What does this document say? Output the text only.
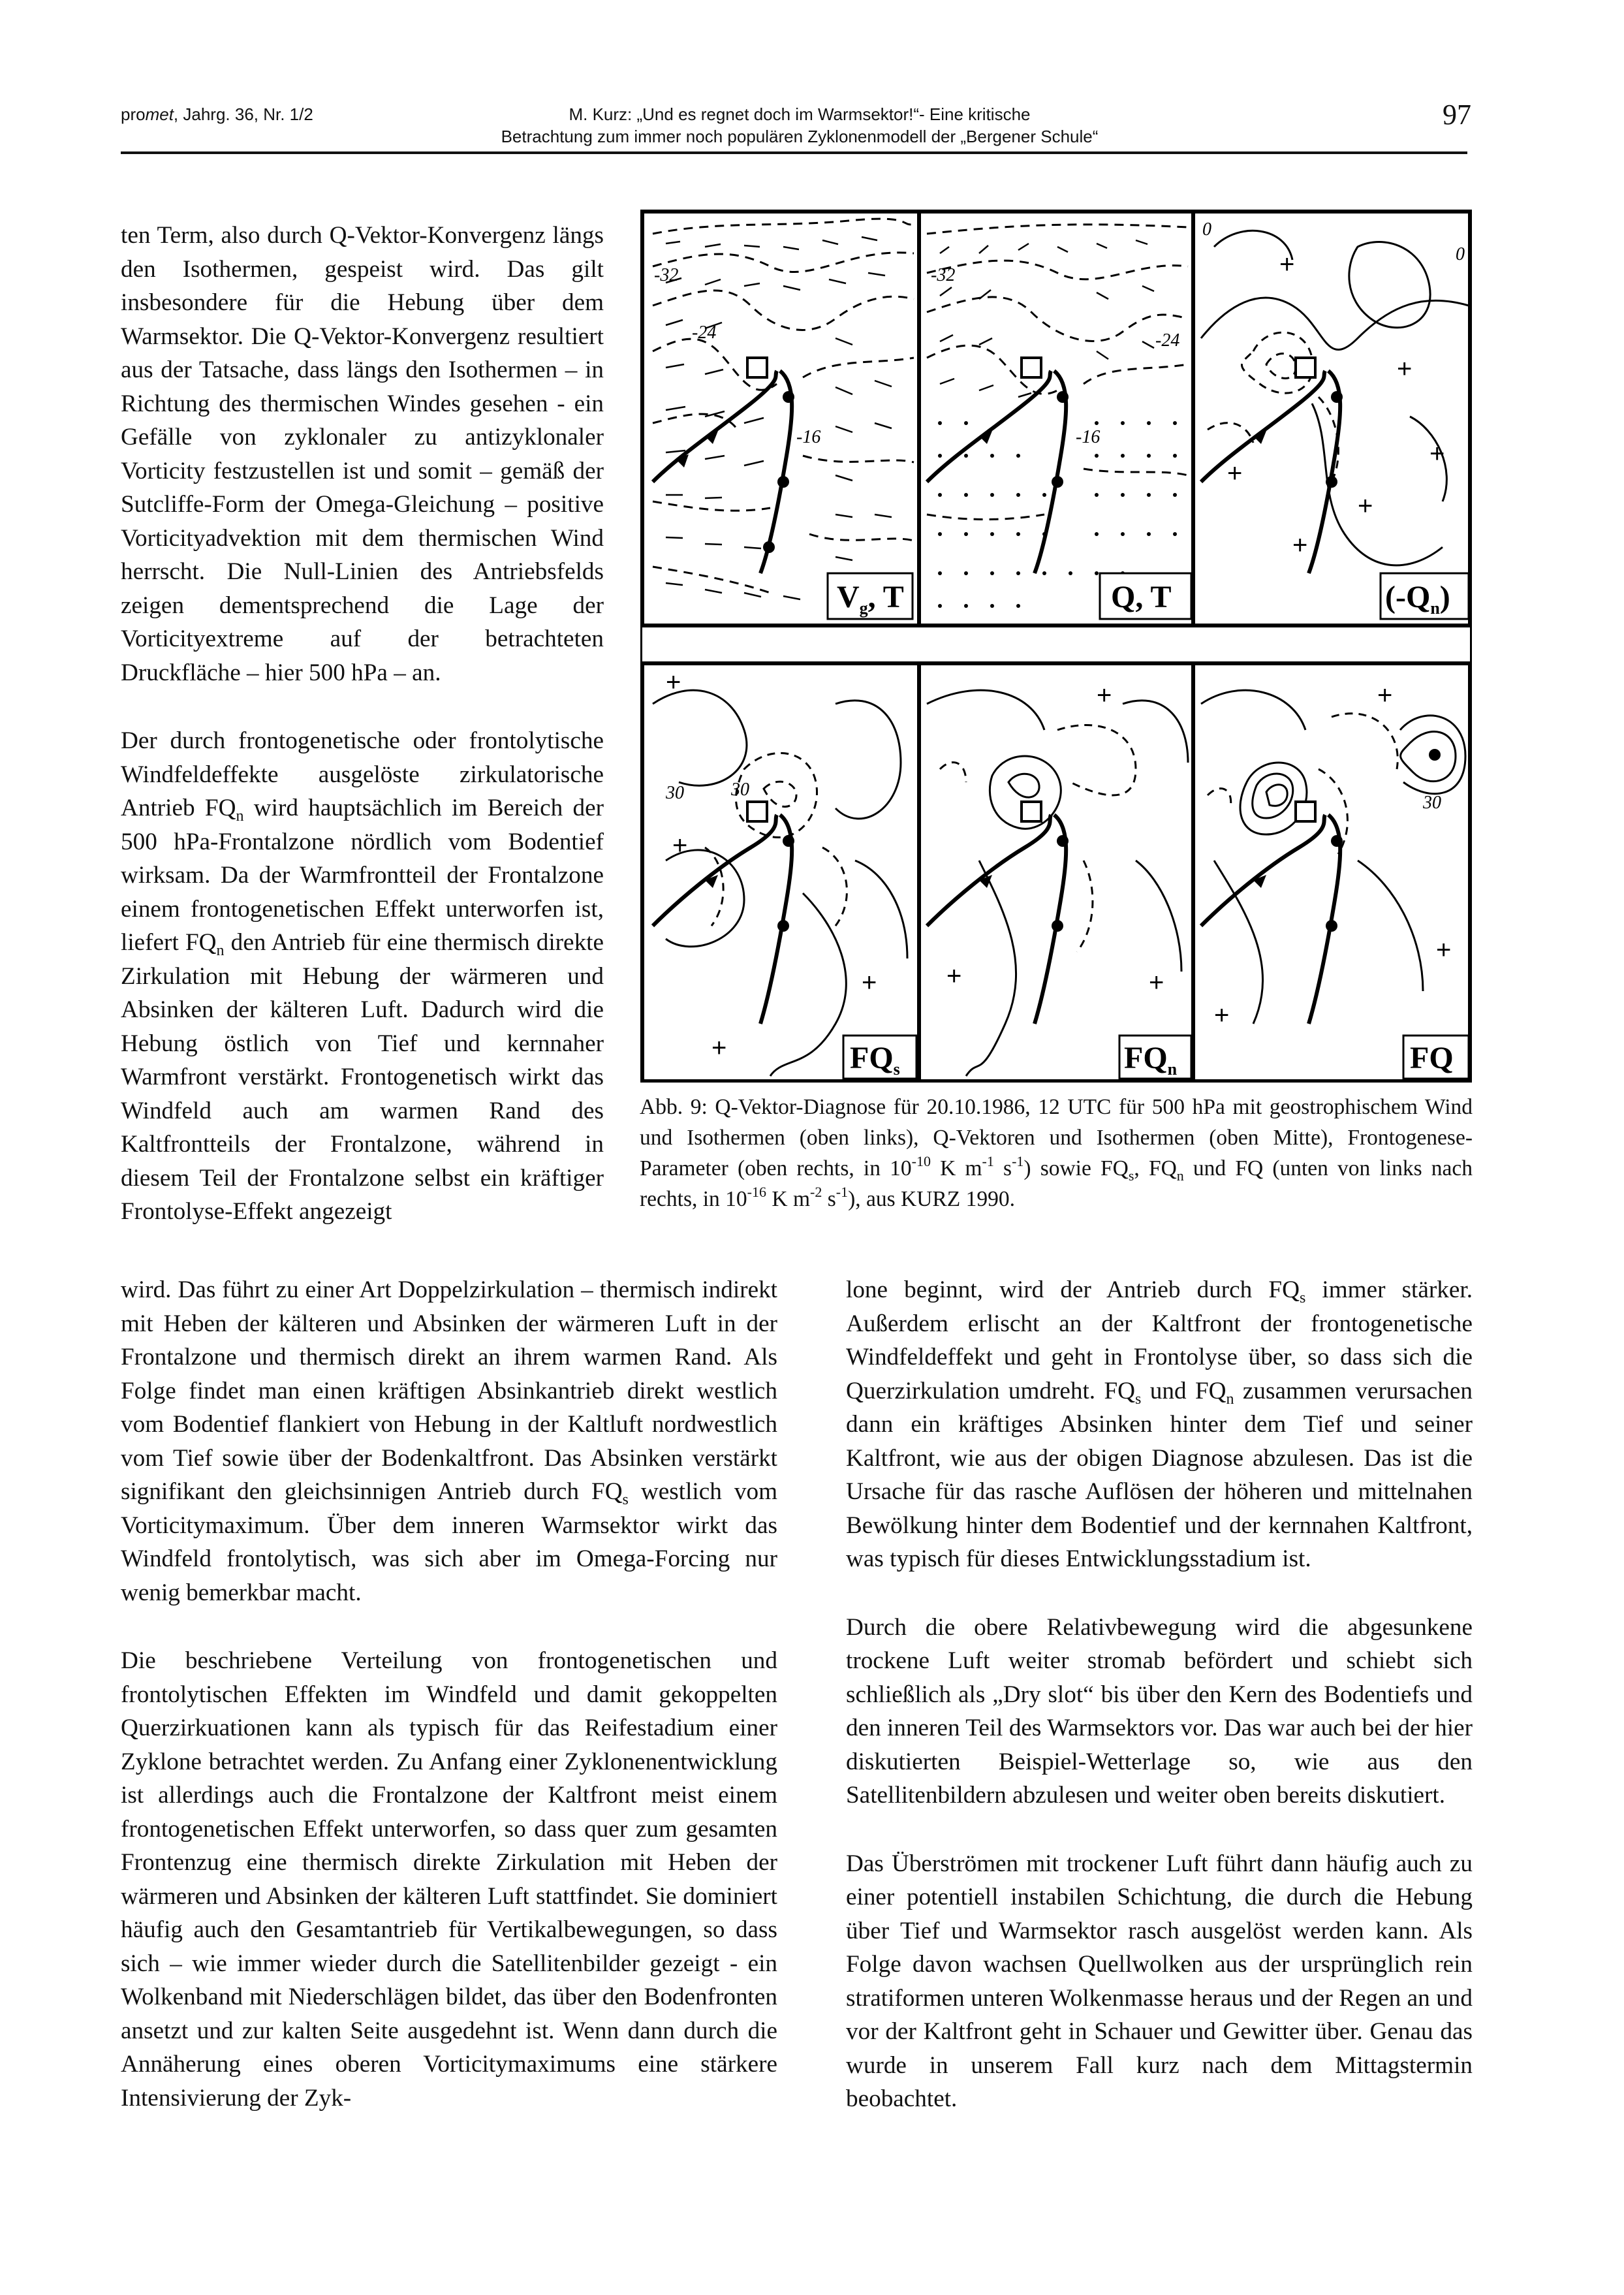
promet, Jahrg. 36, Nr. 1/2	M. Kurz: „Und es regnet doch im Warmsektor!“- Eine kritische
Betrachtung zum immer noch populären Zyklonenmodell der „Bergener Schule“
97

ten Term, also durch Q-Vektor-Konvergenz längs den Isothermen, gespeist wird. Das gilt insbesondere für die Hebung über dem Warmsektor. Die Q-Vektor-Konvergenz resultiert aus der Tatsache, dass längs den Isothermen – in Richtung des thermischen Windes gesehen - ein Gefälle von zyklonaler zu antizyklonaler Vorticity festzustellen ist und somit – gemäß der Sutcliffe-Form der Omega-Gleichung – positive Vorticityadvektion mit dem thermischen Wind herrscht. Die Null-Linien des Antriebsfelds zeigen dementsprechend die Lage der Vorticityextreme auf der betrachteten Druckfläche – hier 500 hPa – an.

Der durch frontogenetische oder frontolytische Windfeldeffekte ausgelöste zirkulatorische Antrieb $FQ_n$ wird hauptsächlich im Bereich der 500 hPa-Frontalzone nördlich vom Bodentief wirksam. Da der Warmfrontteil der Frontalzone einem frontogenetischen Effekt unterworfen ist, liefert $FQ_n$ den Antrieb für eine thermisch direkte Zirkulation mit Hebung der wärmeren und Absinken der kälteren Luft. Dadurch wird die Hebung östlich von Tief und kernnaher Warmfront verstärkt. Frontogenetisch wirkt das Windfeld auch am warmen Rand des Kaltfrontteils der Frontalzone, während in diesem Teil der Frontalzone selbst ein kräftiger Frontolyse-Effekt angezeigt

$V_g$, T	Q, T	$(-Q_n)$
$FQ_s$	$FQ_n$	FQ
-32
-24
-16
-32
-24
-16
0
0
30	30
30
+
+
+
+
+
+
+
+
+
+
+
+	+
+
+
+
Abb. 9: Q-Vektor-Diagnose für 20.10.1986, 12 UTC für 500 hPa mit geostrophischem Wind und Isothermen (oben links), Q-Vektoren und Isothermen (oben Mitte), Frontogenese-Parameter (oben rechts, in $10^{-10}$ K $m^{-1}$ $s^{-1}$) sowie $FQ_s$, $FQ_n$ und FQ (unten von links nach rechts, in $10^{-16}$ K $m^{-2}$ $s^{-1}$), aus KURZ 1990.

wird. Das führt zu einer Art Doppelzirkulation – thermisch indirekt mit Heben der kälteren und Absinken der wärmeren Luft in der Frontalzone und thermisch direkt an ihrem warmen Rand. Als Folge findet man einen kräftigen Absinkantrieb direkt westlich vom Bodentief flankiert von Hebung in der Kaltluft nordwestlich vom Tief sowie über der Bodenkaltfront. Das Absinken verstärkt signifikant den gleichsinnigen Antrieb durch $FQ_s$ westlich vom Vorticitymaximum. Über dem inneren Warmsektor wirkt das Windfeld frontolytisch, was sich aber im Omega-Forcing nur wenig bemerkbar macht.

Die beschriebene Verteilung von frontogenetischen und frontolytischen Effekten im Windfeld und damit gekoppelten Querzirkuationen kann als typisch für das Reifestadium einer Zyklone betrachtet werden. Zu Anfang einer Zyklonenentwicklung ist allerdings auch die Frontalzone der Kaltfront meist einem frontogenetischen Effekt unterworfen, so dass quer zum gesamten Frontenzug eine thermisch direkte Zirkulation mit Heben der wärmeren und Absinken der kälteren Luft stattfindet. Sie dominiert häufig auch den Gesamtantrieb für Vertikalbewegungen, so dass sich – wie immer wieder durch die Satellitenbilder gezeigt - ein Wolkenband mit Niederschlägen bildet, das über den Bodenfronten ansetzt und zur kalten Seite ausgedehnt ist. Wenn dann durch die Annäherung eines oberen Vorticitymaximums eine stärkere Intensivierung der Zyk-

lone beginnt, wird der Antrieb durch $FQ_s$ immer stärker. Außerdem erlischt an der Kaltfront der frontogenetische Windfeldeffekt und geht in Frontolyse über, so dass sich die Querzirkulation umdreht. $FQ_s$ und $FQ_n$ zusammen verursachen dann ein kräftiges Absinken hinter dem Tief und seiner Kaltfront, wie aus der obigen Diagnose abzulesen. Das ist die Ursache für das rasche Auflösen der höheren und mittelnahen Bewölkung hinter dem Bodentief und der kernnahen Kaltfront, was typisch für dieses Entwicklungsstadium ist.

Durch die obere Relativbewegung wird die abgesunkene trockene Luft weiter stromab befördert und schiebt sich schließlich als „Dry slot“ bis über den Kern des Bodentiefs und den inneren Teil des Warmsektors vor. Das war auch bei der hier diskutierten Beispiel-Wetterlage so, wie aus den Satellitenbildern abzulesen und weiter oben bereits diskutiert.

Das Überströmen mit trockener Luft führt dann häufig auch zu einer potentiell instabilen Schichtung, die durch die Hebung über Tief und Warmsektor rasch ausgelöst werden kann. Als Folge davon wachsen Quellwolken aus der ursprünglich rein stratiformen unteren Wolkenmasse heraus und der Regen an und vor der Kaltfront geht in Schauer und Gewitter über. Genau das wurde in unserem Fall kurz nach dem Mittagstermin beobachtet.
